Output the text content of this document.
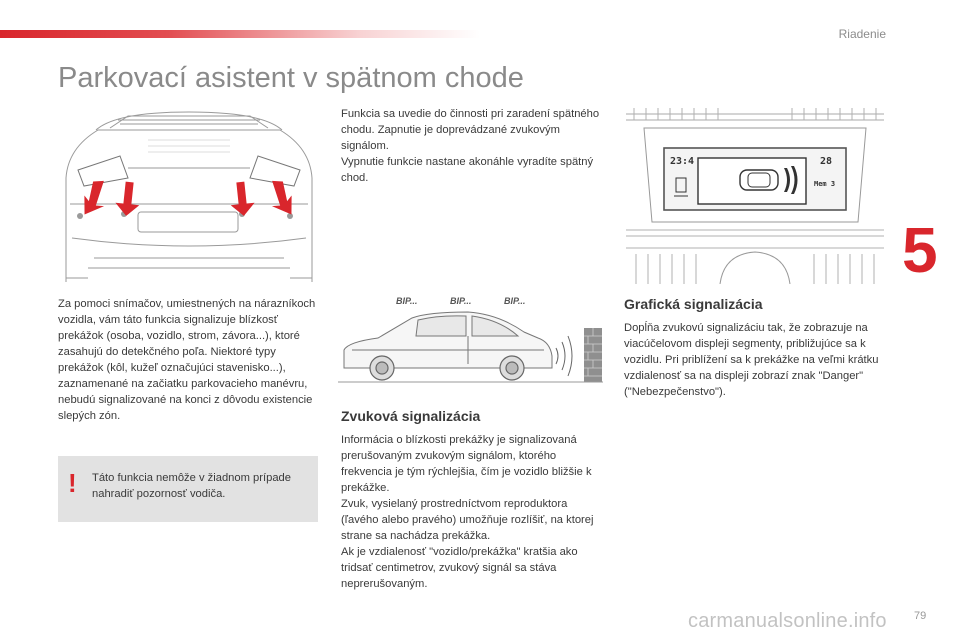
Riadenie
5
Parkovací asistent v spätnom chode

Funkcia sa uvedie do činnosti pri zaradení spätného chodu. Zapnutie je doprevádzané zvukovým signálom.

Vypnutie funkcie nastane akonáhle vyradíte spätný chod.

23:4	28
Mem 3
Za pomoci snímačov, umiestnených na nárazníkoch vozidla, vám táto funkcia signalizuje blízkosť prekážok (osoba, vozidlo, strom, závora...), ktoré zasahujú do detekčného poľa. Niektoré typy prekážok (kôl, kužeľ označujúci stavenisko...), zaznamenané na začiatku parkovacieho manévru, nebudú signalizované na konci z dôvodu existencie slepých zón.
! Táto funkcia nemôže v žiadnom prípade nahradiť pozornosť vodiča.

BIP...	BIP...	BIP...
Zvuková signalizácia

Informácia o blízkosti prekážky je signalizovaná prerušovaným zvukovým signálom, ktorého frekvencia je tým rýchlejšia, čím je vozidlo bližšie k prekážke.

Zvuk, vysielaný prostredníctvom reproduktora (ľavého alebo pravého) umožňuje rozlíšiť, na ktorej strane sa nachádza prekážka.

Ak je vzdialenosť "vozidlo/prekážka" kratšia ako tridsať centimetrov, zvukový signál sa stáva neprerušovaným.

Grafická signalizácia
Dopĺňa zvukovú signalizáciu tak, že zobrazuje na viacúčelovom displeji segmenty, približujúce sa k vozidlu. Pri priblížení sa k prekážke na veľmi krátku vzdialenosť sa na displeji zobrazí znak "Danger" ("Nebezpečenstvo").
carmanualsonline.info 79
